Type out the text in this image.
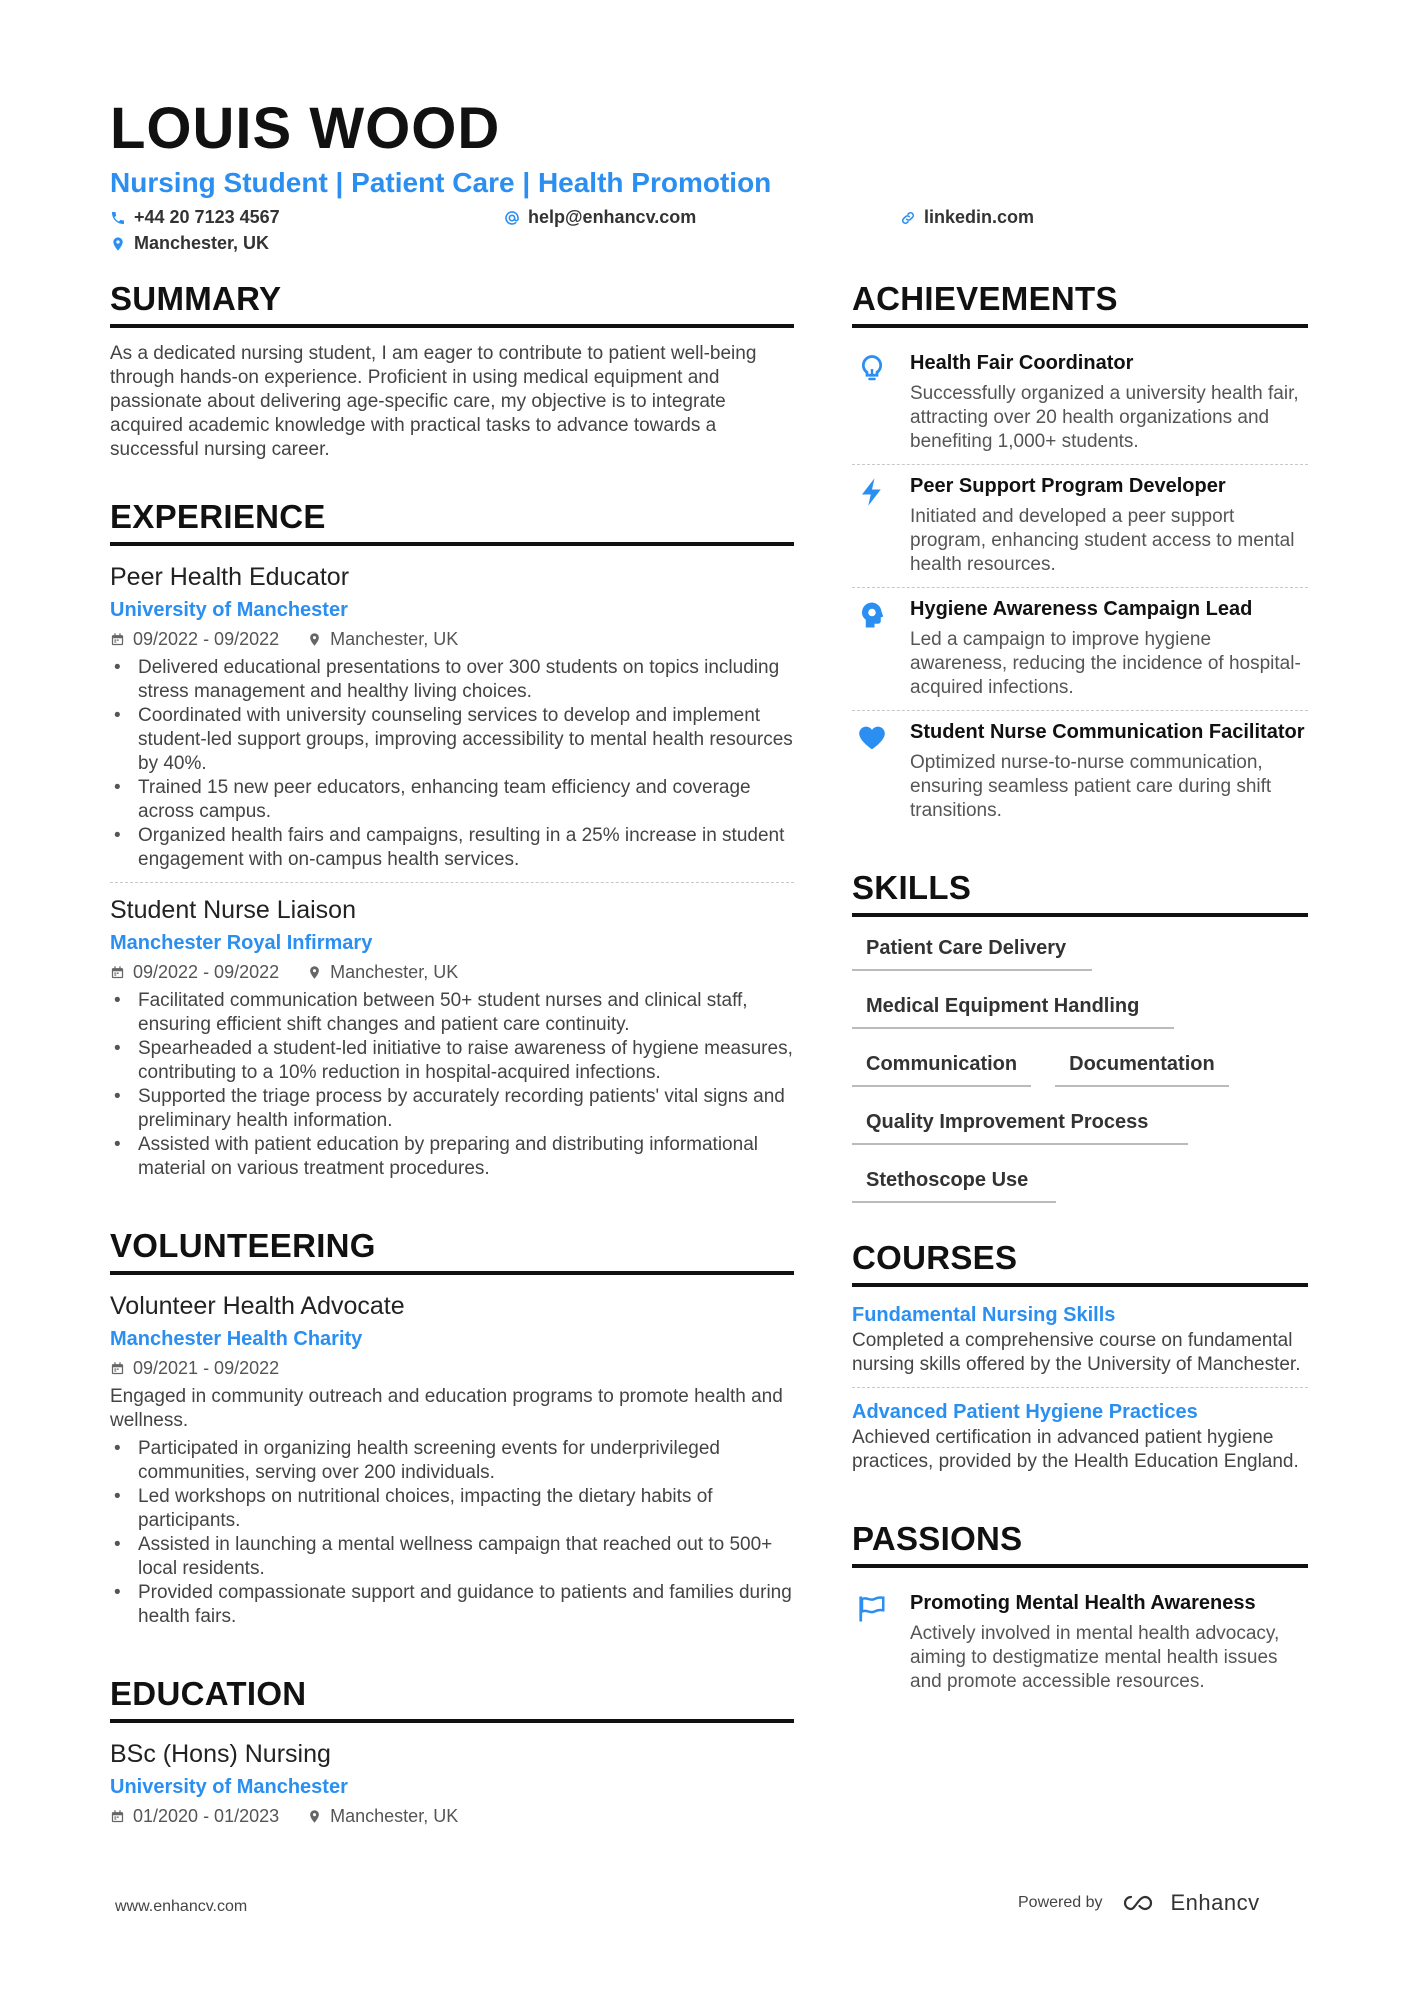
LOUIS WOOD
Nursing Student | Patient Care | Health Promotion
+44 20 7123 4567	help@enhancv.com	linkedin.com
Manchester, UK
SUMMARY
As a dedicated nursing student, I am eager to contribute to patient well-being through hands-on experience. Proficient in using medical equipment and passionate about delivering age-specific care, my objective is to integrate acquired academic knowledge with practical tasks to advance towards a successful nursing career.
EXPERIENCE
Peer Health Educator
University of Manchester
09/2022 - 09/2022	Manchester, UK
• Delivered educational presentations to over 300 students on topics including stress management and healthy living choices.
• Coordinated with university counseling services to develop and implement student-led support groups, improving accessibility to mental health resources by 40%.
• Trained 15 new peer educators, enhancing team efficiency and coverage across campus.
• Organized health fairs and campaigns, resulting in a 25% increase in student engagement with on-campus health services.
Student Nurse Liaison
Manchester Royal Infirmary
09/2022 - 09/2022	Manchester, UK
• Facilitated communication between 50+ student nurses and clinical staff, ensuring efficient shift changes and patient care continuity.
• Spearheaded a student-led initiative to raise awareness of hygiene measures, contributing to a 10% reduction in hospital-acquired infections.
• Supported the triage process by accurately recording patients' vital signs and preliminary health information.
• Assisted with patient education by preparing and distributing informational material on various treatment procedures.
VOLUNTEERING
Volunteer Health Advocate
Manchester Health Charity
09/2021 - 09/2022
Engaged in community outreach and education programs to promote health and wellness.
• Participated in organizing health screening events for underprivileged communities, serving over 200 individuals.
• Led workshops on nutritional choices, impacting the dietary habits of participants.
• Assisted in launching a mental wellness campaign that reached out to 500+ local residents.
• Provided compassionate support and guidance to patients and families during health fairs.
EDUCATION
BSc (Hons) Nursing
University of Manchester
01/2020 - 01/2023	Manchester, UK
ACHIEVEMENTS
Health Fair Coordinator
Successfully organized a university health fair, attracting over 20 health organizations and benefiting 1,000+ students.
Peer Support Program Developer
Initiated and developed a peer support program, enhancing student access to mental health resources.
Hygiene Awareness Campaign Lead
Led a campaign to improve hygiene awareness, reducing the incidence of hospital-acquired infections.
Student Nurse Communication Facilitator
Optimized nurse-to-nurse communication, ensuring seamless patient care during shift transitions.
SKILLS
Patient Care Delivery
Medical Equipment Handling
Communication	Documentation
Quality Improvement Process
Stethoscope Use
COURSES
Fundamental Nursing Skills
Completed a comprehensive course on fundamental nursing skills offered by the University of Manchester.
Advanced Patient Hygiene Practices
Achieved certification in advanced patient hygiene practices, provided by the Health Education England.
PASSIONS
Promoting Mental Health Awareness
Actively involved in mental health advocacy, aiming to destigmatize mental health issues and promote accessible resources.
www.enhancv.com	Powered by	Enhancv
